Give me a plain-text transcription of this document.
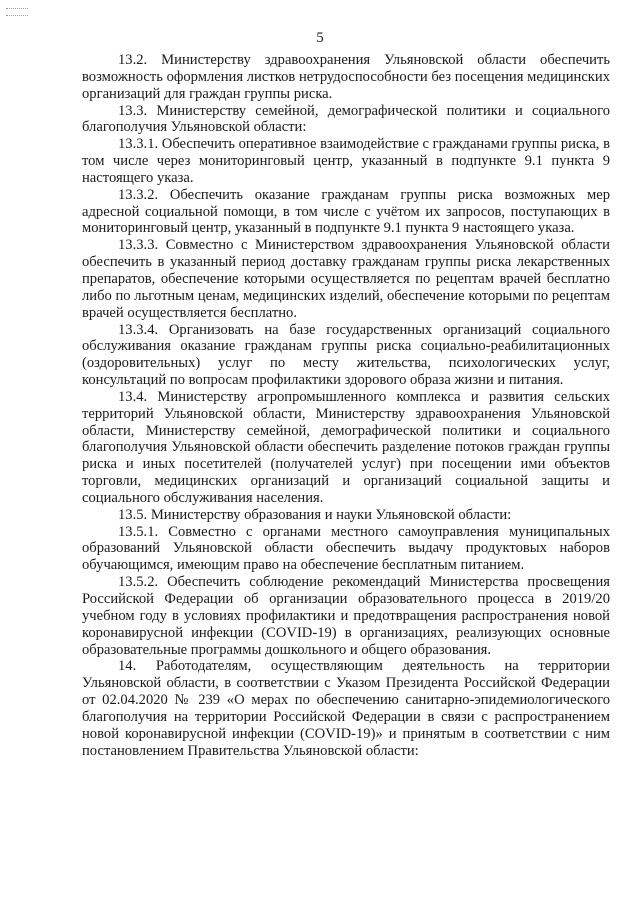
5

13.2. Министерству здравоохранения Ульяновской области обеспечить возможность оформления листков нетрудоспособности без посещения медицинских организаций для граждан группы риска.

13.3. Министерству семейной, демографической политики и социального благополучия Ульяновской области:

13.3.1. Обеспечить оперативное взаимодействие с гражданами группы риска, в том числе через мониторинговый центр, указанный в подпункте 9.1 пункта 9 настоящего указа.

13.3.2. Обеспечить оказание гражданам группы риска возможных мер адресной социальной помощи, в том числе с учётом их запросов, поступающих в мониторинговый центр, указанный в подпункте 9.1 пункта 9 настоящего указа.

13.3.3. Совместно с Министерством здравоохранения Ульяновской области обеспечить в указанный период доставку гражданам группы риска лекарственных препаратов, обеспечение которыми осуществляется по рецептам врачей бесплатно либо по льготным ценам, медицинских изделий, обеспечение которыми по рецептам врачей осуществляется бесплатно.

13.3.4. Организовать на базе государственных организаций социального обслуживания оказание гражданам группы риска социально-реабилитационных (оздоровительных) услуг по месту жительства, психологических услуг, консультаций по вопросам профилактики здорового образа жизни и питания.

13.4. Министерству агропромышленного комплекса и развития сельских территорий Ульяновской области, Министерству здравоохранения Ульяновской области, Министерству семейной, демографической политики и социального благополучия Ульяновской области обеспечить разделение потоков граждан группы риска и иных посетителей (получателей услуг) при посещении ими объектов торговли, медицинских организаций и организаций социальной защиты и социального обслуживания населения.

13.5. Министерству образования и науки Ульяновской области:

13.5.1. Совместно с органами местного самоуправления муниципальных образований Ульяновской области обеспечить выдачу продуктовых наборов обучающимся, имеющим право на обеспечение бесплатным питанием.

13.5.2. Обеспечить соблюдение рекомендаций Министерства просвещения Российской Федерации об организации образовательного процесса в 2019/20 учебном году в условиях профилактики и предотвращения распространения новой коронавирусной инфекции (COVID-19) в организациях, реализующих основные образовательные программы дошкольного и общего образования.

14. Работодателям, осуществляющим деятельность на территории Ульяновской области, в соответствии с Указом Президента Российской Федерации от 02.04.2020 № 239 «О мерах по обеспечению санитарно-эпидемиологического благополучия на территории Российской Федерации в связи с распространением новой коронавирусной инфекции (COVID-19)» и принятым в соответствии с ним постановлением Правительства Ульяновской области:
